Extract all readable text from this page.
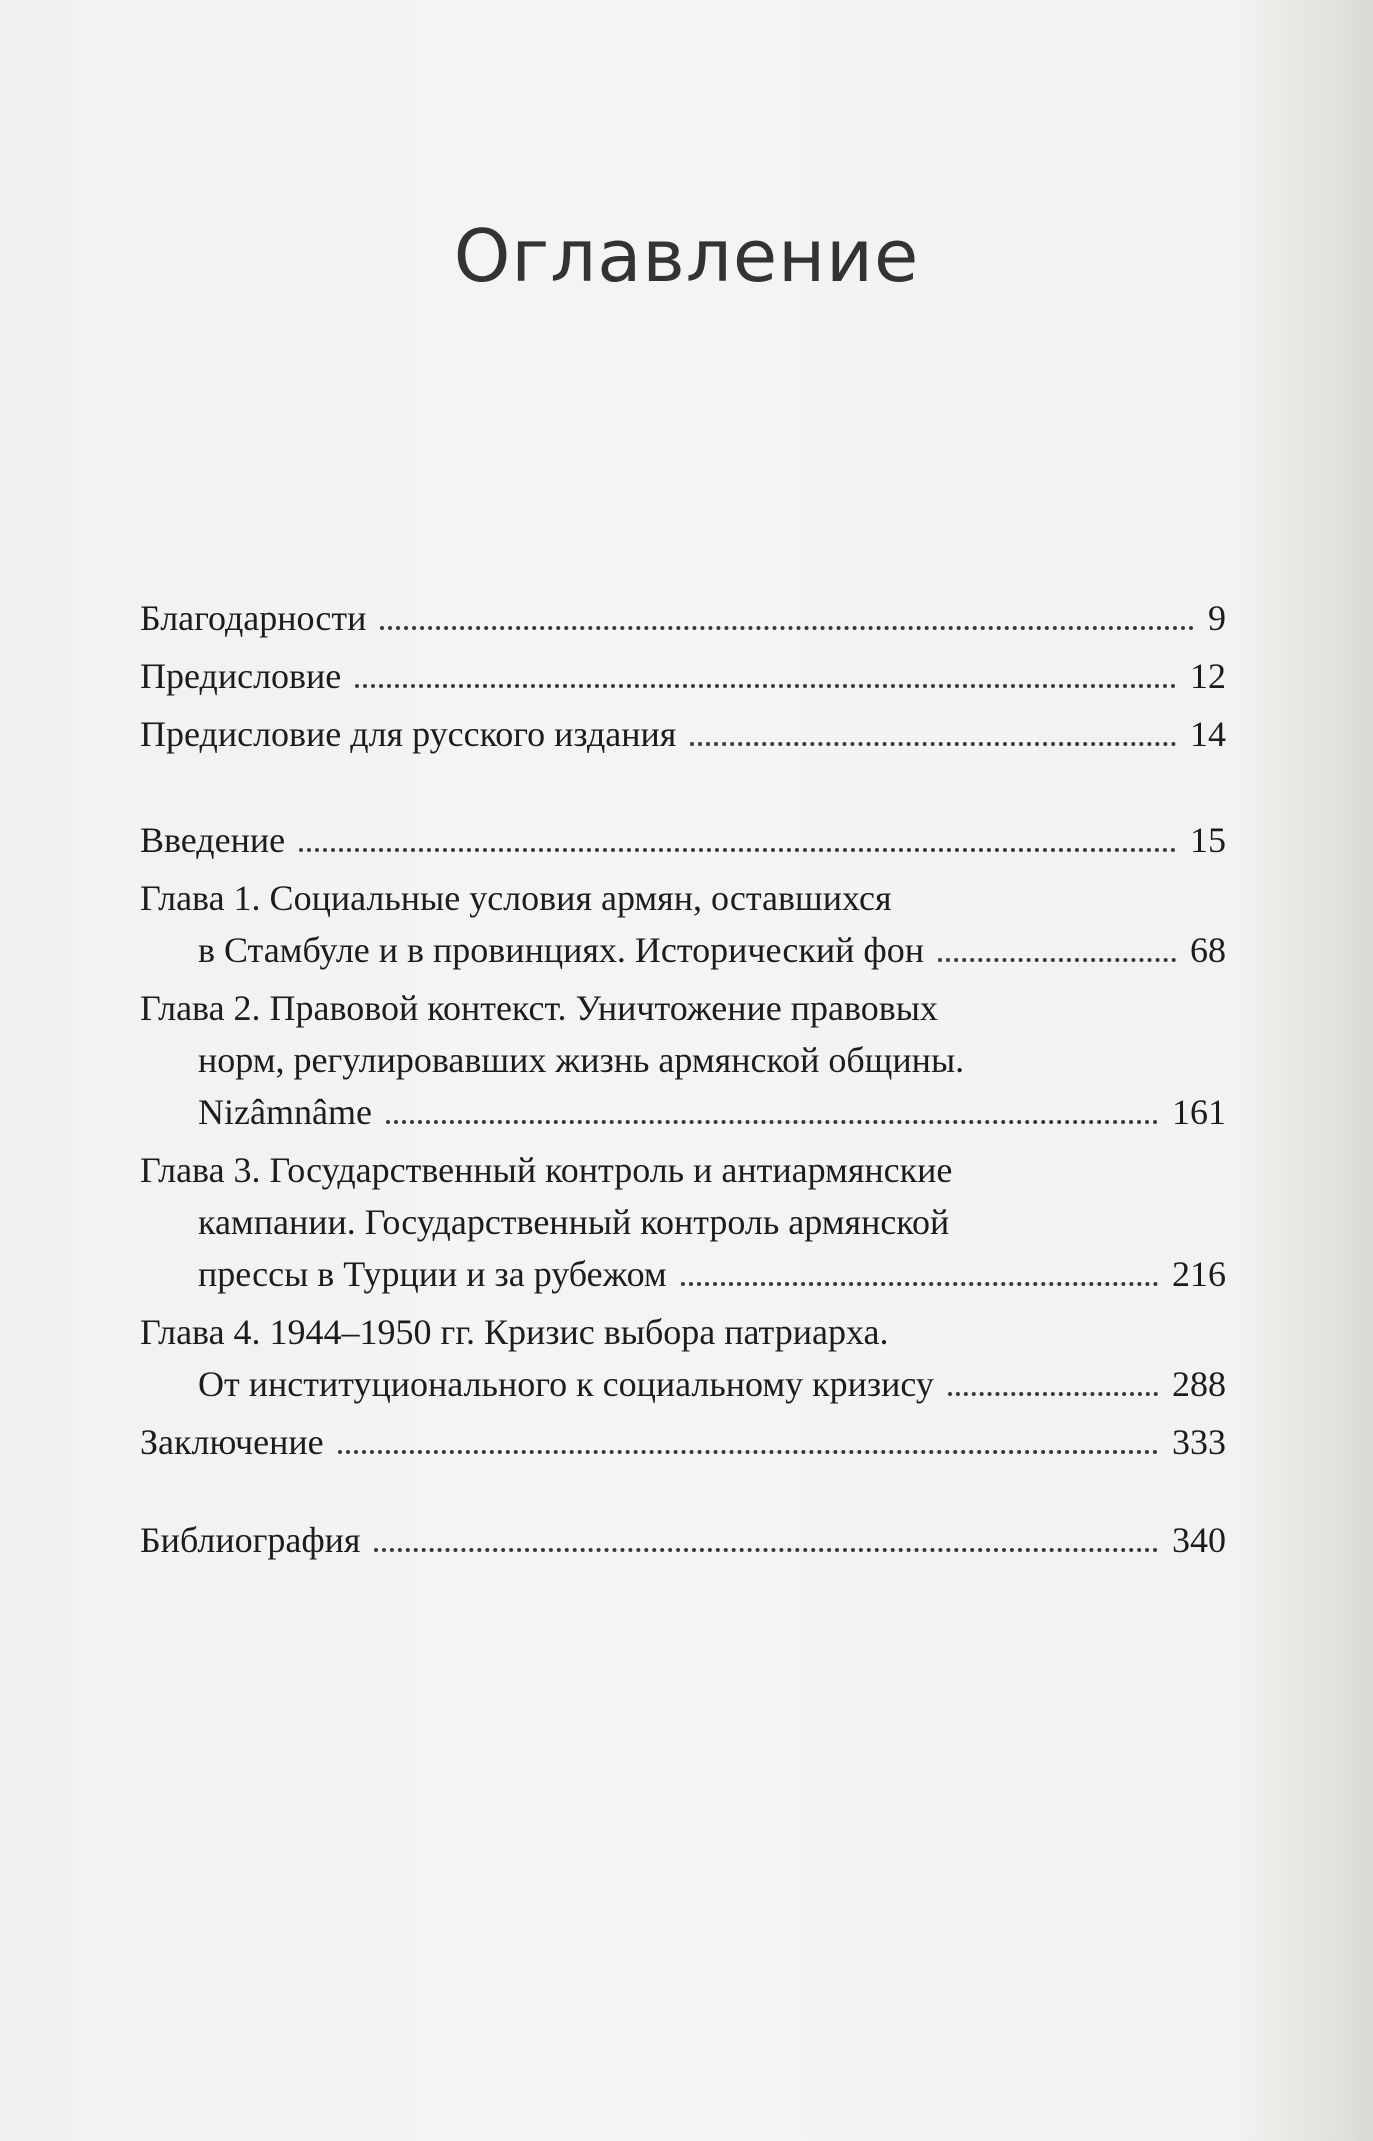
Оглавление
Благодарности	9
Предисловие	12
Предисловие для русского издания	14
Введение	15
Глава 1. Социальные условия армян, оставшихся
в Стамбуле и в провинциях. Исторический фон	68
Глава 2. Правовой контекст. Уничтожение правовых
норм, регулировавших жизнь армянской общины.
Nizâmnâme	161
Глава 3. Государственный контроль и антиармянские
кампании. Государственный контроль армянской
прессы в Турции и за рубежом	216
Глава 4. 1944–1950 гг. Кризис выбора патриарха.
От институционального к социальному кризису	288
Заключение	333
Библиография	340
